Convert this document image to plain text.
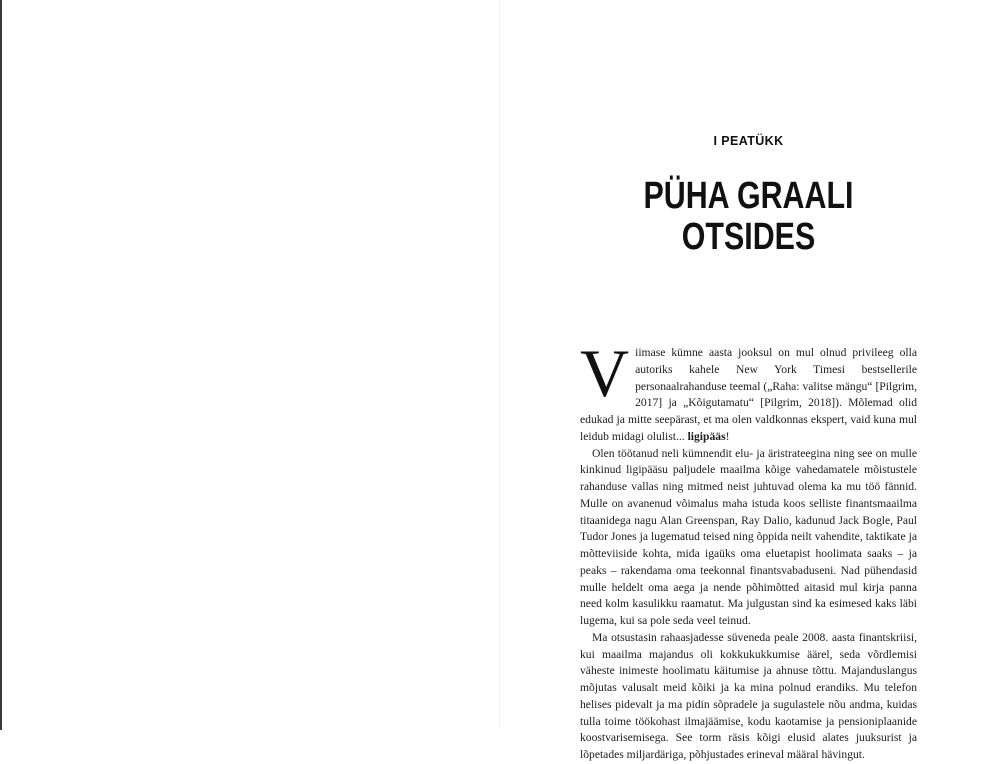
I PEATÜKK
PÜHA GRAALI
OTSIDES

Viimase kümne aasta jooksul on mul olnud privileeg olla autoriks kahele New York Timesi bestsellerile personaalrahanduse teemal („Raha: valitse mängu“ [Pilgrim, 2017] ja „Kõigutamatu“ [Pilgrim, 2018]). Mõlemad olid edukad ja mitte seepärast, et ma olen valdkonnas ekspert, vaid kuna mul leidub midagi olulist... ligipääs!

Olen töötanud neli kümnendit elu- ja äristrateegina ning see on mulle kinkinud ligipääsu paljudele maailma kõige vahedamatele mõistustele rahanduse vallas ning mitmed neist juhtuvad olema ka mu töö fännid. Mulle on avanenud võimalus maha istuda koos selliste finantsmaailma titaanidega nagu Alan Greenspan, Ray Dalio, kadunud Jack Bogle, Paul Tudor Jones ja lugematud teised ning õppida neilt vahendite, taktikate ja mõtteviiside kohta, mida igaüks oma eluetapist hoolimata saaks – ja peaks – rakendama oma teekonnal finantsvabaduseni. Nad pühendasid mulle heldelt oma aega ja nende põhimõtted aitasid mul kirja panna need kolm kasulikku raamatut. Ma julgustan sind ka esimesed kaks läbi lugema, kui sa pole seda veel teinud.

Ma otsustasin rahaasjadesse süveneda peale 2008. aasta finantskriisi, kui maailma majandus oli kokkukukkumise äärel, seda võrdlemisi väheste inimeste hoolimatu käitumise ja ahnuse tõttu. Majanduslangus mõjutas valusalt meid kõiki ja ka mina polnud erandiks. Mu telefon helises pidevalt ja ma pidin sõpradele ja sugulastele nõu andma, kuidas tulla toime töökohast ilmajäämise, kodu kaotamise ja pensioniplaanide koostvarisemisega. See torm räsis kõigi elusid alates juuksurist ja lõpetades miljardäriga, põhjustades erineval määral hävingut.
